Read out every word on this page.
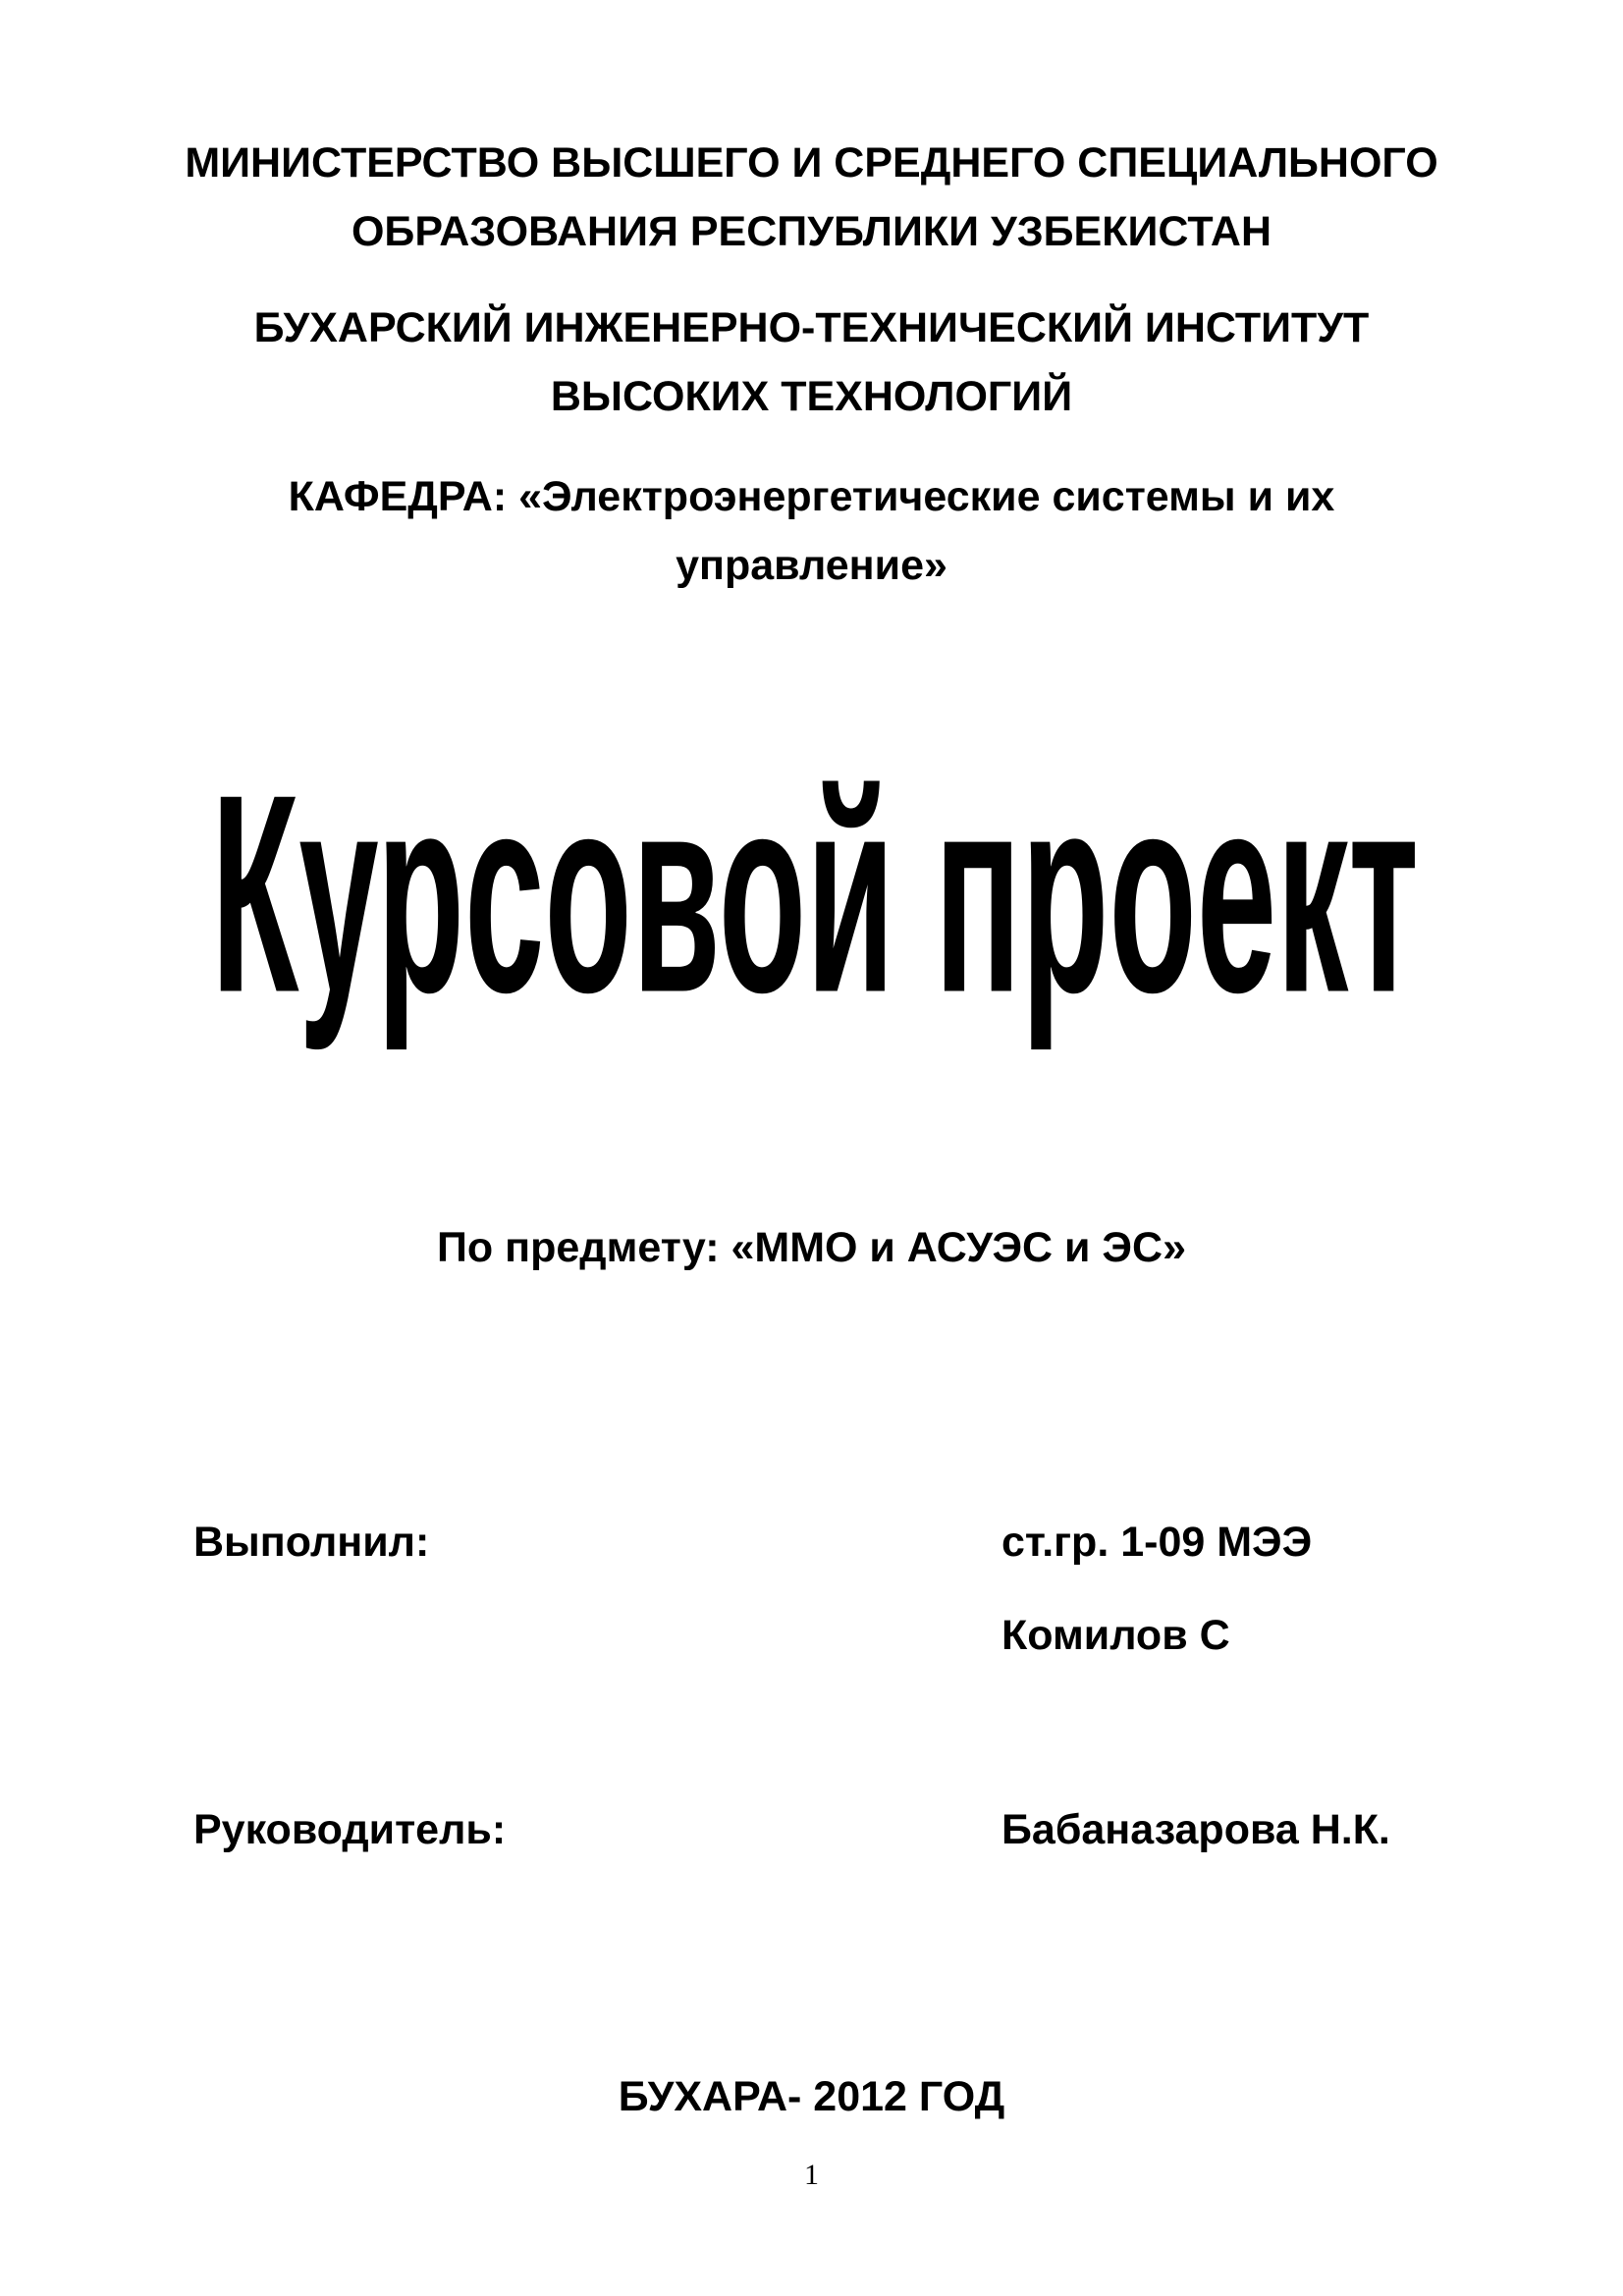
МИНИСТЕРСТВО ВЫСШЕГО И СРЕДНЕГО СПЕЦИАЛЬНОГО
ОБРАЗОВАНИЯ РЕСПУБЛИКИ УЗБЕКИСТАН
БУХАРСКИЙ ИНЖЕНЕРНО-ТЕХНИЧЕСКИЙ ИНСТИТУТ
ВЫСОКИХ ТЕХНОЛОГИЙ
КАФЕДРА: «Электроэнергетические системы и их
управление»
Курсовой проект
По предмету: «ММО и АСУЭС и ЭС»
Выполнил:	ст.гр. 1-09 МЭЭ
Комилов С
Руководитель:	Бабаназарова Н.К.
БУХАРА- 2012 ГОД
1
